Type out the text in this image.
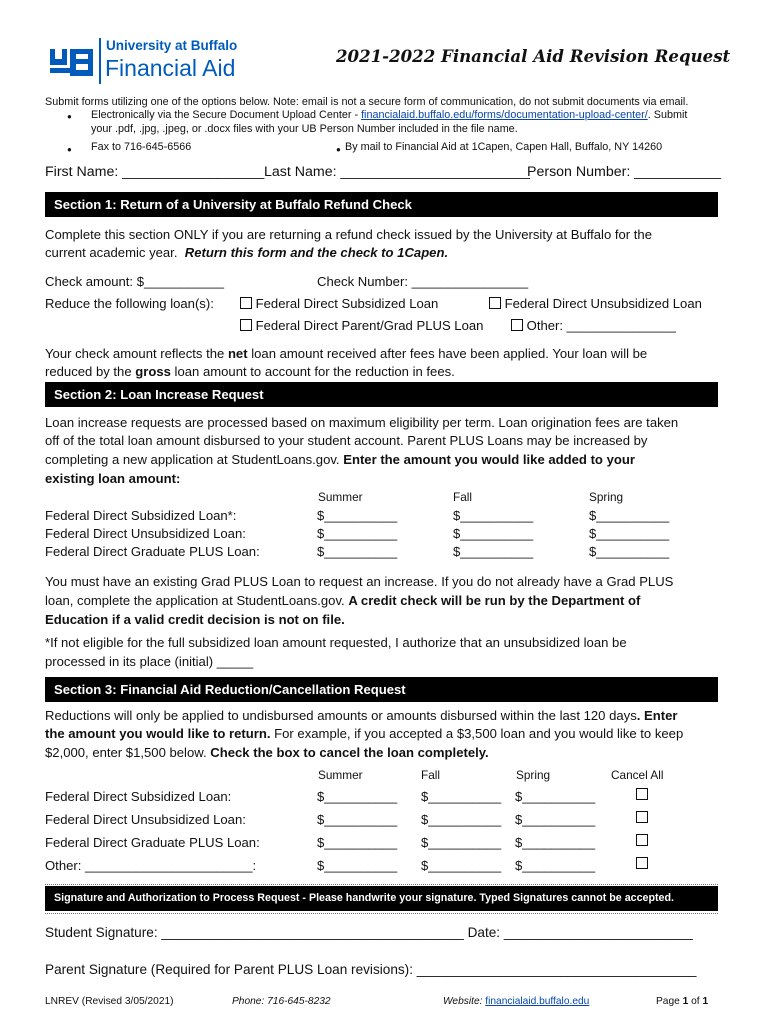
University at Buffalo
Financial Aid	2021-2022 Financial Aid Revision Request
Submit forms utilizing one of the options below. Note: email is not a secure form of communication, do not submit documents via email.
● Electronically via the Secure Document Upload Center - financialaid.buffalo.edu/forms/documentation-upload-center/. Submit
your .pdf, .jpg, .jpeg, or .docx files with your UB Person Number included in the file name.
● Fax to 716-645-6566	● By mail to Financial Aid at 1Capen, Capen Hall, Buffalo, NY 14260
First Name: __________________ Last Name: ________________________
Person Number: ___________
Section 1: Return of a University at Buffalo Refund Check
Complete this section ONLY if you are returning a refund check issued by the University at Buffalo for the
current academic year. Return this form and the check to 1Capen.
Check amount: $___________	Check Number: ________________
Reduce the following loan(s):	Federal Direct Subsidized Loan	Federal Direct Unsubsidized Loan
Federal Direct Parent/Grad PLUS Loan	Other: _______________
Your check amount reflects the net loan amount received after fees have been applied. Your loan will be
reduced by the gross loan amount to account for the reduction in fees.
Section 2: Loan Increase Request
Loan increase requests are processed based on maximum eligibility per term. Loan origination fees are taken
off of the total loan amount disbursed to your student account. Parent PLUS Loans may be increased by
completing a new application at StudentLoans.gov. Enter the amount you would like added to your
existing loan amount:
Summer	Fall	Spring
Federal Direct Subsidized Loan*:	$__________	$__________	$__________
Federal Direct Unsubsidized Loan:	$__________	$__________	$__________
Federal Direct Graduate PLUS Loan:	$__________	$__________	$__________
You must have an existing Grad PLUS Loan to request an increase. If you do not already have a Grad PLUS
loan, complete the application at StudentLoans.gov. A credit check will be run by the Department of
Education if a valid credit decision is not on file.
*If not eligible for the full subsidized loan amount requested, I authorize that an unsubsidized loan be
processed in its place (initial) _____
Section 3: Financial Aid Reduction/Cancellation Request
Reductions will only be applied to undisbursed amounts or amounts disbursed within the last 120 days. Enter
the amount you would like to return. For example, if you accepted a $3,500 loan and you would like to keep
$2,000, enter $1,500 below. Check the box to cancel the loan completely.
Summer	Fall	Spring	Cancel All
Federal Direct Subsidized Loan:	$__________ $__________ $__________
Federal Direct Unsubsidized Loan:	$__________ $__________ $__________
Federal Direct Graduate PLUS Loan:	$__________ $__________ $__________
Other: _______________________:	$__________ $__________ $__________
Signature and Authorization to Process Request - Please handwrite your signature. Typed Signatures cannot be accepted.
Student Signature: ________________________________________ Date: _________________________
Parent Signature (Required for Parent PLUS Loan revisions): _____________________________________
LNREV (Revised 3/05/2021)	Phone: 716-645-8232	Website: financialaid.buffalo.edu	Page 1 of 1
